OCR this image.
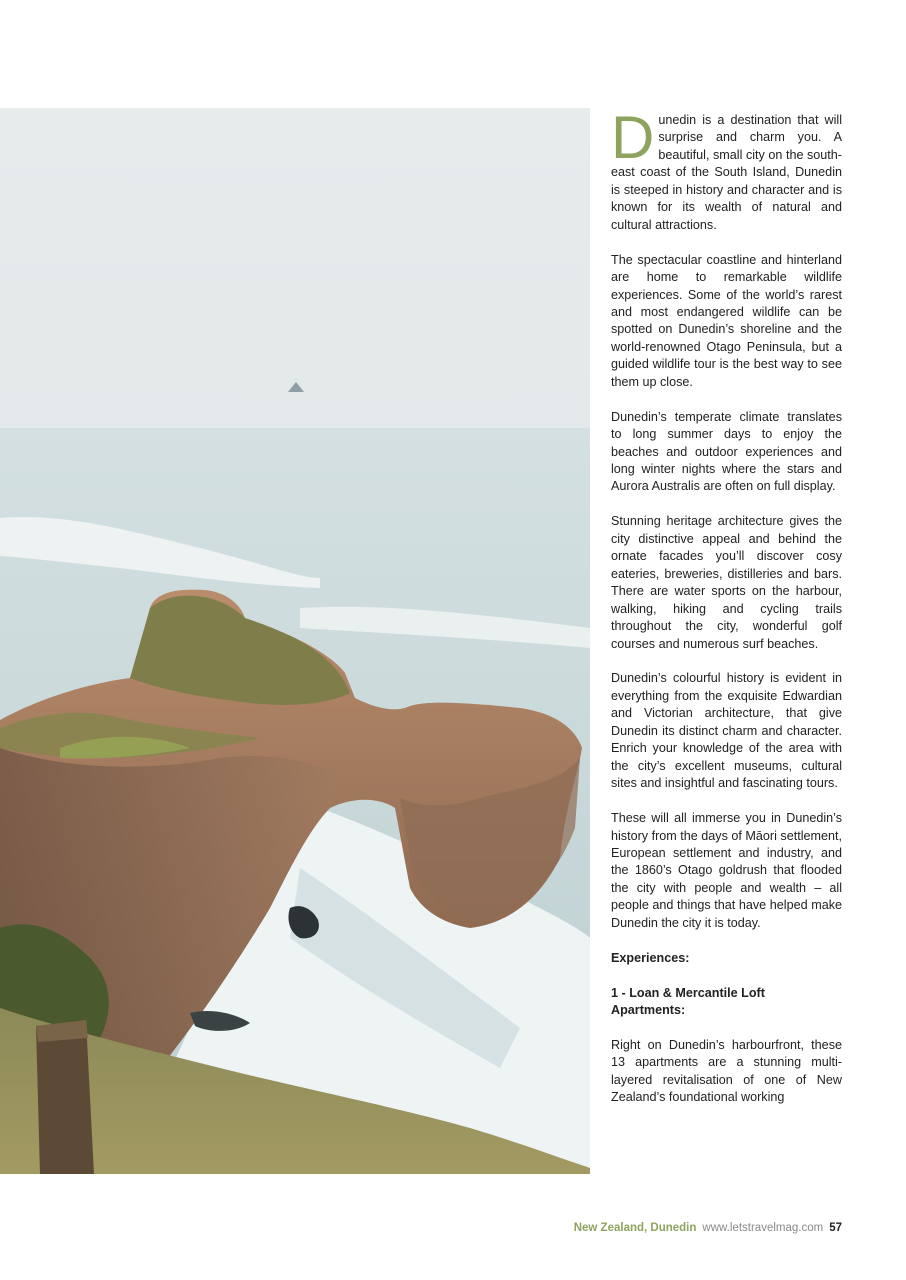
Dunedin is a destination that will surprise and charm you. A beautiful, small city on the south-east coast of the South Island, Dunedin is steeped in history and character and is known for its wealth of natural and cultural attractions.

The spectacular coastline and hinterland are home to remarkable wildlife experiences. Some of the world’s rarest and most endangered wildlife can be spotted on Dunedin’s shoreline and the world-renowned Otago Peninsula, but a guided wildlife tour is the best way to see them up close.

Dunedin’s temperate climate translates to long summer days to enjoy the beaches and outdoor experiences and long winter nights where the stars and Aurora Australis are often on full display.

Stunning heritage architecture gives the city distinctive appeal and behind the ornate facades you’ll discover cosy eateries, breweries, distilleries and bars. There are water sports on the harbour, walking, hiking and cycling trails throughout the city, wonderful golf courses and numerous surf beaches.

Dunedin’s colourful history is evident in everything from the exquisite Edwardian and Victorian architecture, that give Dunedin its distinct charm and character. Enrich your knowledge of the area with the city’s excellent museums, cultural sites and insightful and fascinating tours.

These will all immerse you in Dunedin’s history from the days of Māori settlement, European settlement and industry, and the 1860’s Otago goldrush that flooded the city with people and wealth – all people and things that have helped make Dunedin the city it is today.

Experiences:

1 - Loan & Mercantile Loft Apartments:

Right on Dunedin’s harbourfront, these 13 apartments are a stunning multi-layered revitalisation of one of New Zealand’s foundational working

New Zealand, Dunedin www.letstravelmag.com 57
